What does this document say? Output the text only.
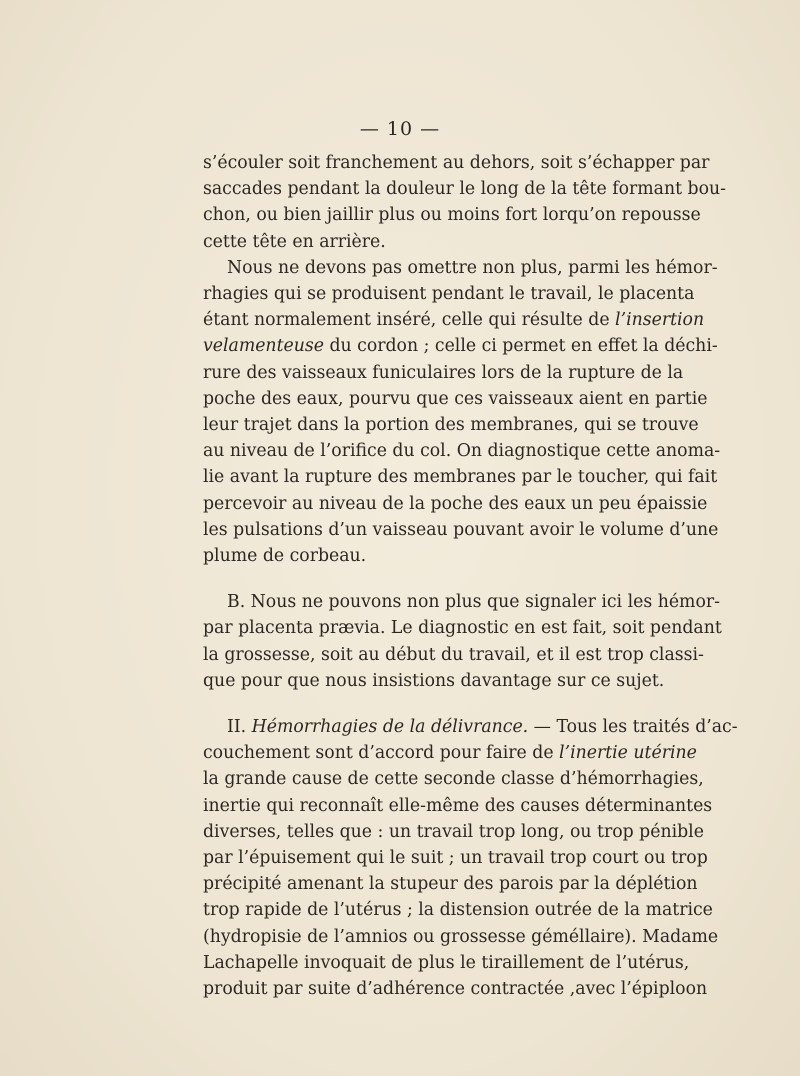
— 10 —

s’écouler soit franchement au dehors, soit s’échapper par
saccades pendant la douleur le long de la tête formant bou-
chon, ou bien jaillir plus ou moins fort lorqu’on repousse
cette tête en arrière.

Nous ne devons pas omettre non plus, parmi les hémor-
rhagies qui se produisent pendant le travail, le placenta
étant normalement inséré, celle qui résulte de l’insertion
velamenteuse du cordon ; celle ci permet en effet la déchi-
rure des vaisseaux funiculaires lors de la rupture de la
poche des eaux, pourvu que ces vaisseaux aient en partie
leur trajet dans la portion des membranes, qui se trouve
au niveau de l’orifice du col. On diagnostique cette anoma-
lie avant la rupture des membranes par le toucher, qui fait
percevoir au niveau de la poche des eaux un peu épaissie
les pulsations d’un vaisseau pouvant avoir le volume d’une
plume de corbeau.

B. Nous ne pouvons non plus que signaler ici les hémor-
par placenta prævia. Le diagnostic en est fait, soit pendant
la grossesse, soit au début du travail, et il est trop classi-
que pour que nous insistions davantage sur ce sujet.

II. Hémorrhagies de la délivrance. — Tous les traités d’ac-
couchement sont d’accord pour faire de l’inertie utérine
la grande cause de cette seconde classe d’hémorrhagies,
inertie qui reconnaît elle-même des causes déterminantes
diverses, telles que : un travail trop long, ou trop pénible
par l’épuisement qui le suit ; un travail trop court ou trop
précipité amenant la stupeur des parois par la déplétion
trop rapide de l’utérus ; la distension outrée de la matrice
(hydropisie de l’amnios ou grossesse géméllaire). Madame
Lachapelle invoquait de plus le tiraillement de l’utérus,
produit par suite d’adhérence contractée ,avec l’épiploon
